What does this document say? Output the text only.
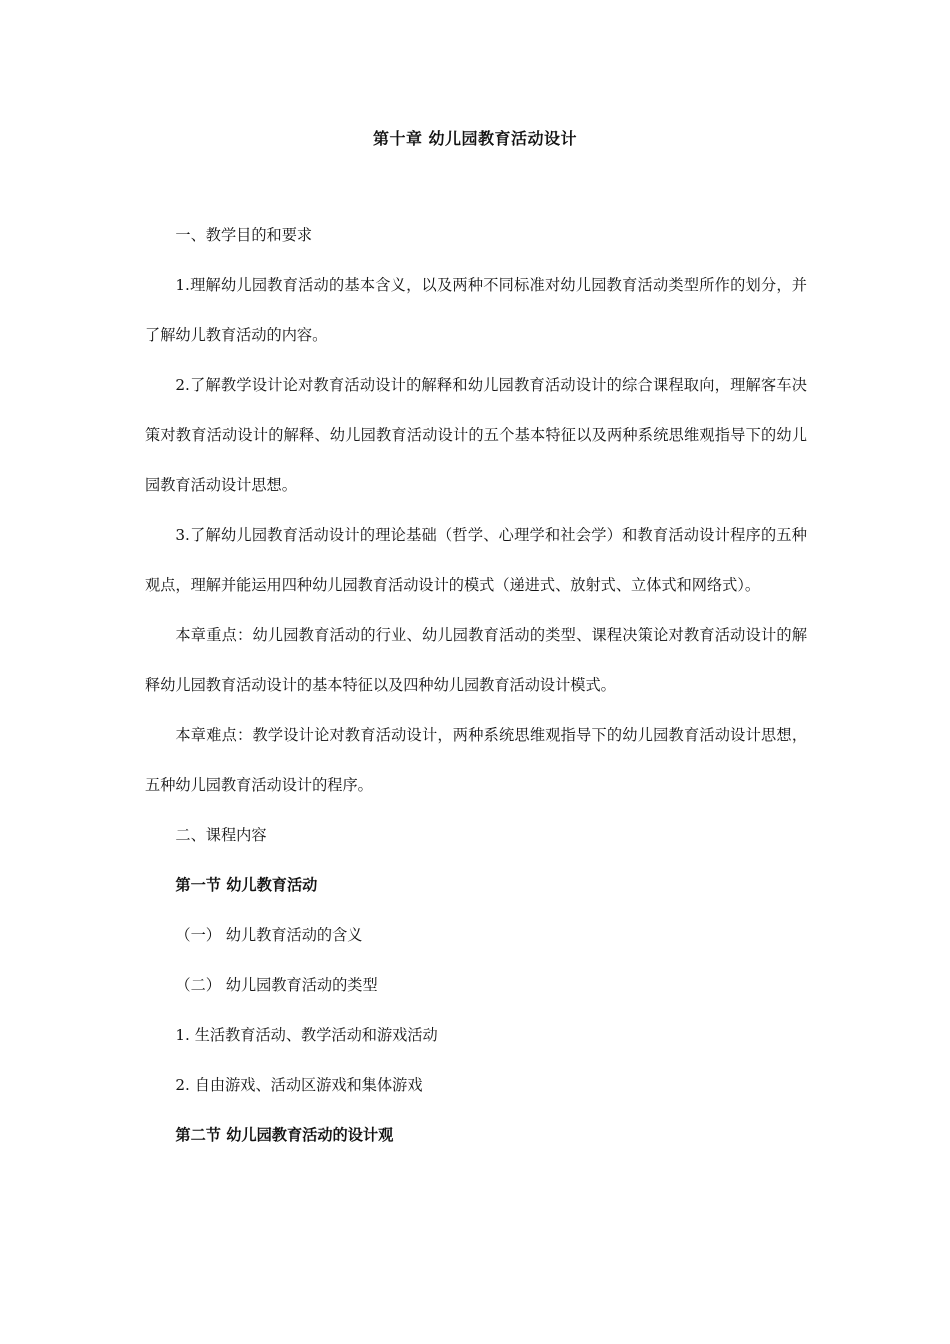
第十章 幼儿园教育活动设计

一、教学目的和要求

1.理解幼儿园教育活动的基本含义，以及两种不同标准对幼儿园教育活动类型所作的划分，并了解幼儿教育活动的内容。

2.了解教学设计论对教育活动设计的解释和幼儿园教育活动设计的综合课程取向，理解客车决策对教育活动设计的解释、幼儿园教育活动设计的五个基本特征以及两种系统思维观指导下的幼儿园教育活动设计思想。

3.了解幼儿园教育活动设计的理论基础（哲学、心理学和社会学）和教育活动设计程序的五种观点，理解并能运用四种幼儿园教育活动设计的模式（递进式、放射式、立体式和网络式）。

本章重点：幼儿园教育活动的行业、幼儿园教育活动的类型、课程决策论对教育活动设计的解释幼儿园教育活动设计的基本特征以及四种幼儿园教育活动设计模式。

本章难点：教学设计论对教育活动设计，两种系统思维观指导下的幼儿园教育活动设计思想，五种幼儿园教育活动设计的程序。

二、课程内容

第一节 幼儿教育活动

（一） 幼儿教育活动的含义

（二） 幼儿园教育活动的类型

1. 生活教育活动、教学活动和游戏活动

2. 自由游戏、活动区游戏和集体游戏

第二节 幼儿园教育活动的设计观
